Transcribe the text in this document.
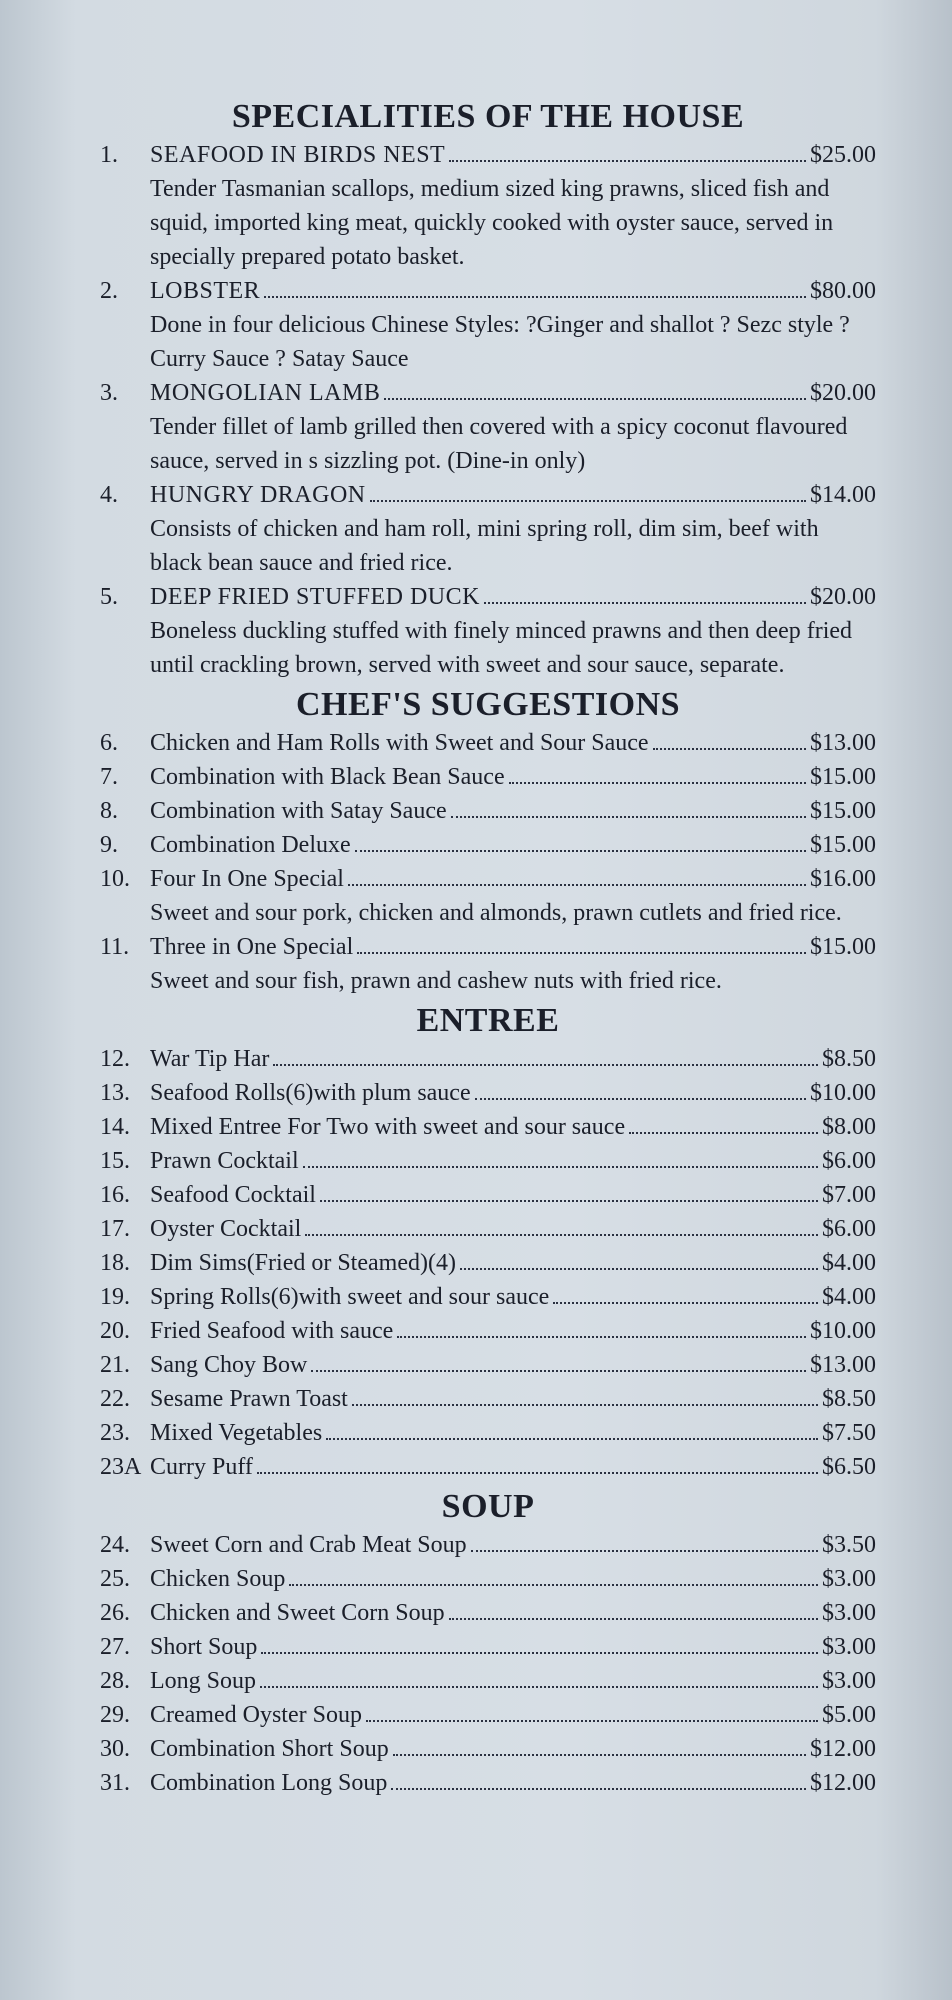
SPECIALITIES OF THE HOUSE
1.	SEAFOOD IN BIRDS NEST	$25.00
Tender Tasmanian scallops, medium sized king prawns, sliced fish and squid, imported king meat, quickly cooked with oyster sauce, served in specially prepared potato basket.
2.	LOBSTER	$80.00
Done in four delicious Chinese Styles: ?Ginger and shallot ? Sezc style ? Curry Sauce ? Satay Sauce
3.	MONGOLIAN LAMB	$20.00
Tender fillet of lamb grilled then covered with a spicy coconut flavoured sauce, served in s sizzling pot. (Dine-in only)
4.	HUNGRY DRAGON	$14.00
Consists of chicken and ham roll, mini spring roll, dim sim, beef with black bean sauce and fried rice.
5.	DEEP FRIED STUFFED DUCK	$20.00
Boneless duckling stuffed with finely minced prawns and then deep fried until crackling brown, served with sweet and sour sauce, separate.
CHEF'S SUGGESTIONS
6.	Chicken and Ham Rolls with Sweet and Sour Sauce	$13.00
7.	Combination with Black Bean Sauce	$15.00
8.	Combination with Satay Sauce	$15.00
9.	Combination Deluxe	$15.00
10. Four In One Special	$16.00
Sweet and sour pork, chicken and almonds, prawn cutlets and fried rice.
11. Three in One Special	$15.00
Sweet and sour fish, prawn and cashew nuts with fried rice.
ENTREE
12. War Tip Har	$8.50
13. Seafood Rolls(6)with plum sauce	$10.00
14. Mixed Entree For Two with sweet and sour sauce	$8.00
15. Prawn Cocktail	$6.00
16. Seafood Cocktail	$7.00
17. Oyster Cocktail	$6.00
18. Dim Sims(Fried or Steamed)(4)	$4.00
19. Spring Rolls(6)with sweet and sour sauce	$4.00
20. Fried Seafood with sauce	$10.00
21. Sang Choy Bow	$13.00
22. Sesame Prawn Toast	$8.50
23. Mixed Vegetables	$7.50
23A Curry Puff	$6.50
SOUP
24. Sweet Corn and Crab Meat Soup	$3.50
25. Chicken Soup	$3.00
26. Chicken and Sweet Corn Soup	$3.00
27. Short Soup	$3.00
28. Long Soup	$3.00
29. Creamed Oyster Soup	$5.00
30. Combination Short Soup	$12.00
31. Combination Long Soup	$12.00
